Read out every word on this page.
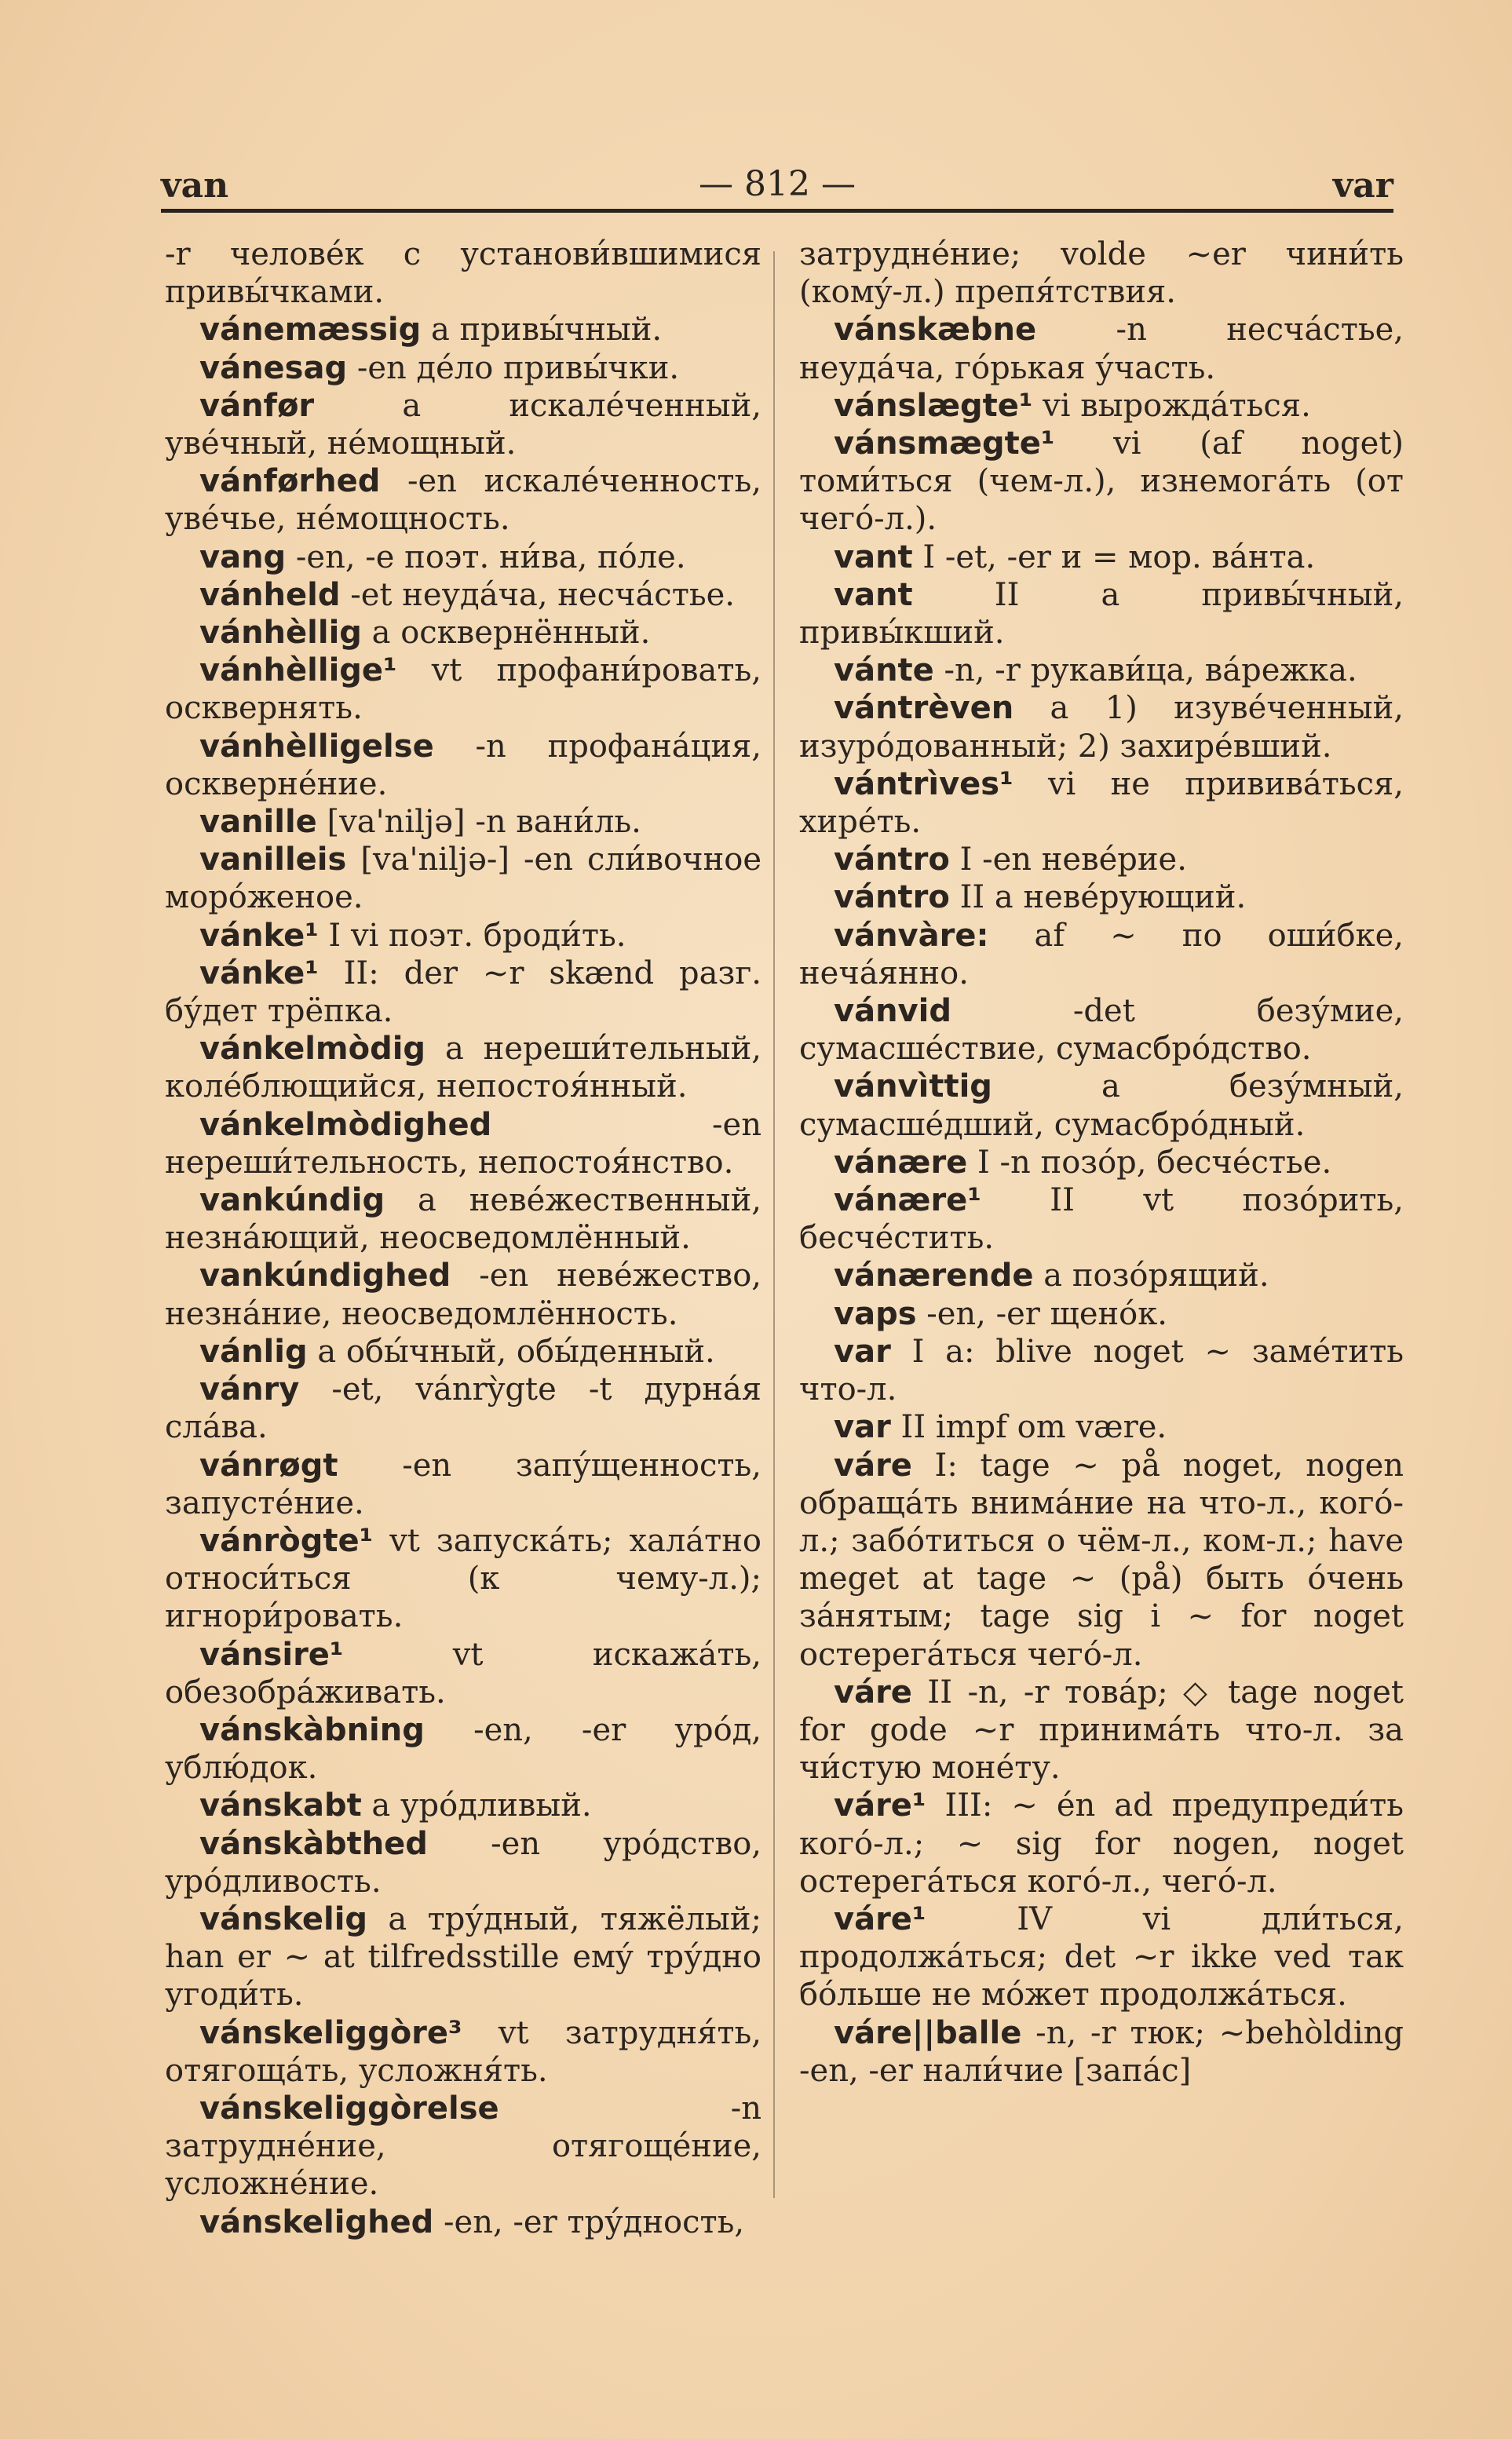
van	— 812 —	var

-r человéк с установи́вшимися привы́чками.

vánemæssig a привы́чный.

vánesag -en дéло привы́чки.

vánfør a искалéченный, увéчный, нéмощный.

vánførhed -en искалéченность, увéчье, нéмощность.

vang -en, -e поэт. ни́ва, пóле.

vánheld -et неудáча, несчáстье.

vánhèllig a осквернённый.

vánhèllige¹ vt профани́ровать, осквернять.

vánhèlligelse -n профанáция, осквернéние.

vanille [va'niljə] -n вани́ль.

vanilleis [va'niljə-] -en сли́вочное морóженое.

vánke¹ I vi поэт. броди́ть.

vánke¹ II: der ~r skænd разг. бу́дет трёпка.

vánkelmòdig a нереши́тельный, колéблющийся, непостоя́нный.

vánkelmòdighed -en нереши́тельность, непостоя́нство.

vankúndig a невéжественный, незнáющий, неосведомлённый.

vankúndighed -en невéжество, незнáние, неосведомлённость.

vánlig a обы́чный, обы́денный.

vánry -et, vánrỳgte -t дурнáя слáва.

vánrøgt -en запу́щенность, запустéние.

vánrògte¹ vt запускáть; халáтно относи́ться (к чему-л.); игнори́ровать.

vánsire¹ vt искажáть, обезобрáживать.

vánskàbning -en, -er урóд, ублю́док.

vánskabt a урóдливый.

vánskàbthed -en урóдство, урóдливость.

vánskelig a тру́дный, тяжёлый; han er ~ at tilfredsstille емý тру́дно угоди́ть.

vánskeliggòre³ vt затрудня́ть, отягощáть, усложня́ть.

vánskeliggòrelse -n затруднéние, отягощéние, усложнéние.

vánskelighed -en, -er тру́дность,

затруднéние; volde ~er чини́ть (комý-л.) препя́тствия.

vánskæbne -n несчáстье, неудáча, гóрькая у́часть.

vánslægte¹ vi вырождáться.

vánsmægte¹ vi (af noget) томи́ться (чем-л.), изнемогáть (от чегó-л.).

vant I -et, -er и = мор. вáнта.

vant II a привы́чный, привы́кший.

vánte -n, -r рукави́ца, вáрежка.

vántrèven a 1) изувéченный, изурóдованный; 2) захирéвший.

vántrìves¹ vi не прививáться, хирéть.

vántro I -en невéрие.

vántro II a невéрующий.

vánvàre: af ~ по оши́бке, нечáянно.

vánvid -det безу́мие, сумасшéствие, сумасбрóдство.

vánvìttig a безу́мный, сумасшéдший, сумасбрóдный.

vánære I -n позóр, бесчéстье.

vánære¹ II vt позóрить, бесчéстить.

vánærende a позóрящий.

vaps -en, -er щенóк.

var I a: blive noget ~ замéтить что-л.

var II impf om være.

váre I: tage ~ på noget, nogen обращáть внимáние на что-л., когó-л.; забóтиться о чём-л., ком-л.; have meget at tage ~ (på) быть óчень зáнятым; tage sig i ~ for noget остерегáться чегó-л.

váre II -n, -r товáр; ◇ tage noget for gode ~r принимáть что-л. за чи́стую монéту.

váre¹ III: ~ én ad предупреди́ть когó-л.; ~ sig for nogen, noget остерегáться когó-л., чегó-л.

váre¹ IV vi дли́ться, продолжáться; det ~r ikke ved так бóльше не мóжет продолжáться.

váre||balle -n, -r тюк; ~behòlding -en, -er нали́чие [запáс]
